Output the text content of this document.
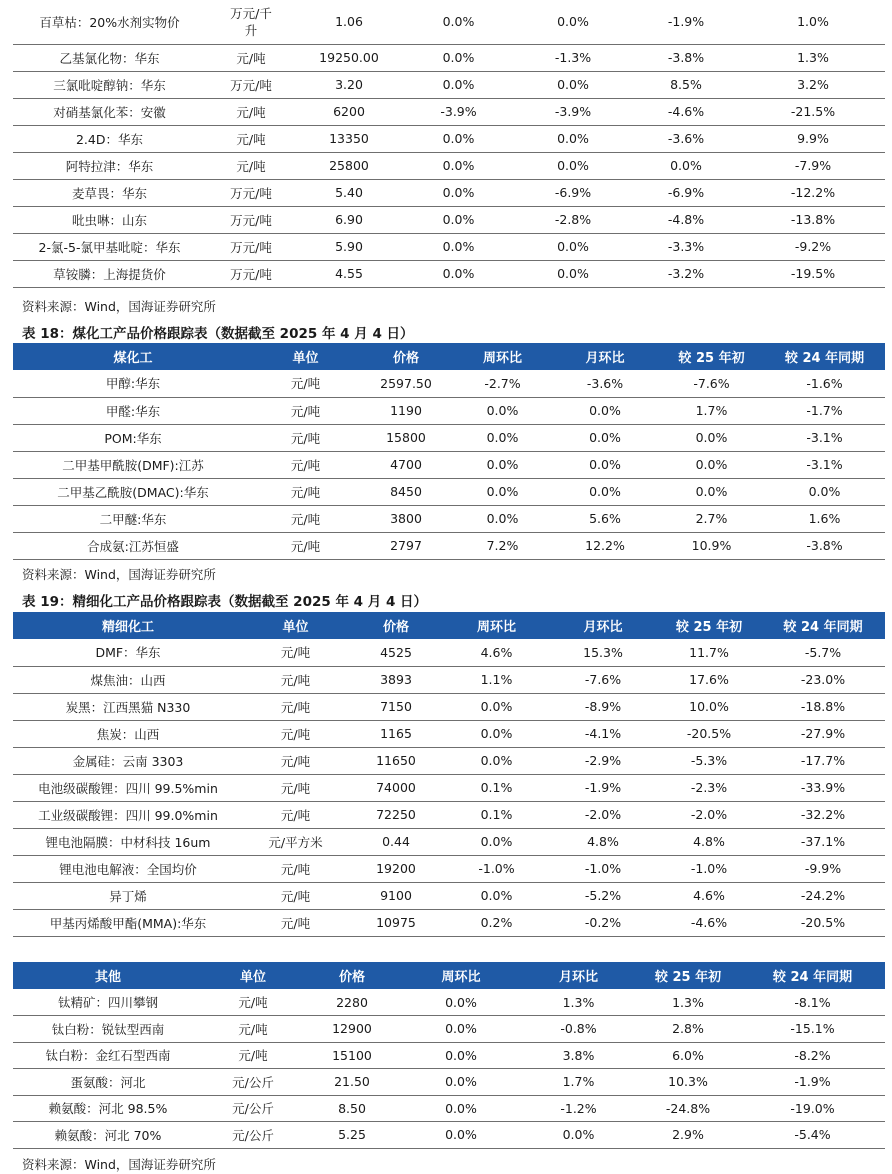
百草枯：20%水剂实物价	万元/千升	1.06	0.0%	0.0%	-1.9%	1.0%
乙基氯化物：华东	元/吨	19250.00	0.0%	-1.3%	-3.8%	1.3%
三氯吡啶醇钠：华东	万元/吨	3.20	0.0%	0.0%	8.5%	3.2%
对硝基氯化苯：安徽	元/吨	6200	-3.9%	-3.9%	-4.6%	-21.5%
2.4D：华东	元/吨	13350	0.0%	0.0%	-3.6%	9.9%
阿特拉津：华东	元/吨	25800	0.0%	0.0%	0.0%	-7.9%
麦草畏：华东	万元/吨	5.40	0.0%	-6.9%	-6.9%	-12.2%
吡虫啉：山东	万元/吨	6.90	0.0%	-2.8%	-4.8%	-13.8%
2-氯-5-氯甲基吡啶：华东	万元/吨	5.90	0.0%	0.0%	-3.3%	-9.2%
草铵膦：上海提货价	万元/吨	4.55	0.0%	0.0%	-3.2%	-19.5%
资料来源：Wind，国海证券研究所
表 18：煤化工产品价格跟踪表（数据截至 2025 年 4 月 4 日）
煤化工	单位	价格	周环比	月环比	较 25 年初	较 24 年同期
甲醇:华东	元/吨	2597.50	-2.7%	-3.6%	-7.6%	-1.6%
甲醛:华东	元/吨	1190	0.0%	0.0%	1.7%	-1.7%
POM:华东	元/吨	15800	0.0%	0.0%	0.0%	-3.1%
二甲基甲酰胺(DMF):江苏	元/吨	4700	0.0%	0.0%	0.0%	-3.1%
二甲基乙酰胺(DMAC):华东	元/吨	8450	0.0%	0.0%	0.0%	0.0%
二甲醚:华东	元/吨	3800	0.0%	5.6%	2.7%	1.6%
合成氨:江苏恒盛	元/吨	2797	7.2%	12.2%	10.9%	-3.8%
资料来源：Wind，国海证券研究所
表 19：精细化工产品价格跟踪表（数据截至 2025 年 4 月 4 日）
精细化工	单位	价格	周环比	月环比	较 25 年初	较 24 年同期
DMF：华东	元/吨	4525	4.6%	15.3%	11.7%	-5.7%
煤焦油：山西	元/吨	3893	1.1%	-7.6%	17.6%	-23.0%
炭黑：江西黑猫 N330	元/吨	7150	0.0%	-8.9%	10.0%	-18.8%
焦炭：山西	元/吨	1165	0.0%	-4.1%	-20.5%	-27.9%
金属硅：云南 3303	元/吨	11650	0.0%	-2.9%	-5.3%	-17.7%
电池级碳酸锂：四川 99.5%min	元/吨	74000	0.1%	-1.9%	-2.3%	-33.9%
工业级碳酸锂：四川 99.0%min	元/吨	72250	0.1%	-2.0%	-2.0%	-32.2%
锂电池隔膜：中材科技 16um	元/平方米	0.44	0.0%	4.8%	4.8%	-37.1%
锂电池电解液：全国均价	元/吨	19200	-1.0%	-1.0%	-1.0%	-9.9%
异丁烯	元/吨	9100	0.0%	-5.2%	4.6%	-24.2%
甲基丙烯酸甲酯(MMA):华东	元/吨	10975	0.2%	-0.2%	-4.6%	-20.5%
其他	单位	价格	周环比	月环比	较 25 年初	较 24 年同期
钛精矿：四川攀钢	元/吨	2280	0.0%	1.3%	1.3%	-8.1%
钛白粉：锐钛型西南	元/吨	12900	0.0%	-0.8%	2.8%	-15.1%
钛白粉：金红石型西南	元/吨	15100	0.0%	3.8%	6.0%	-8.2%
蛋氨酸：河北	元/公斤	21.50	0.0%	1.7%	10.3%	-1.9%
赖氨酸：河北 98.5%	元/公斤	8.50	0.0%	-1.2%	-24.8%	-19.0%
赖氨酸：河北 70%	元/公斤	5.25	0.0%	0.0%	2.9%	-5.4%
资料来源：Wind，国海证券研究所
